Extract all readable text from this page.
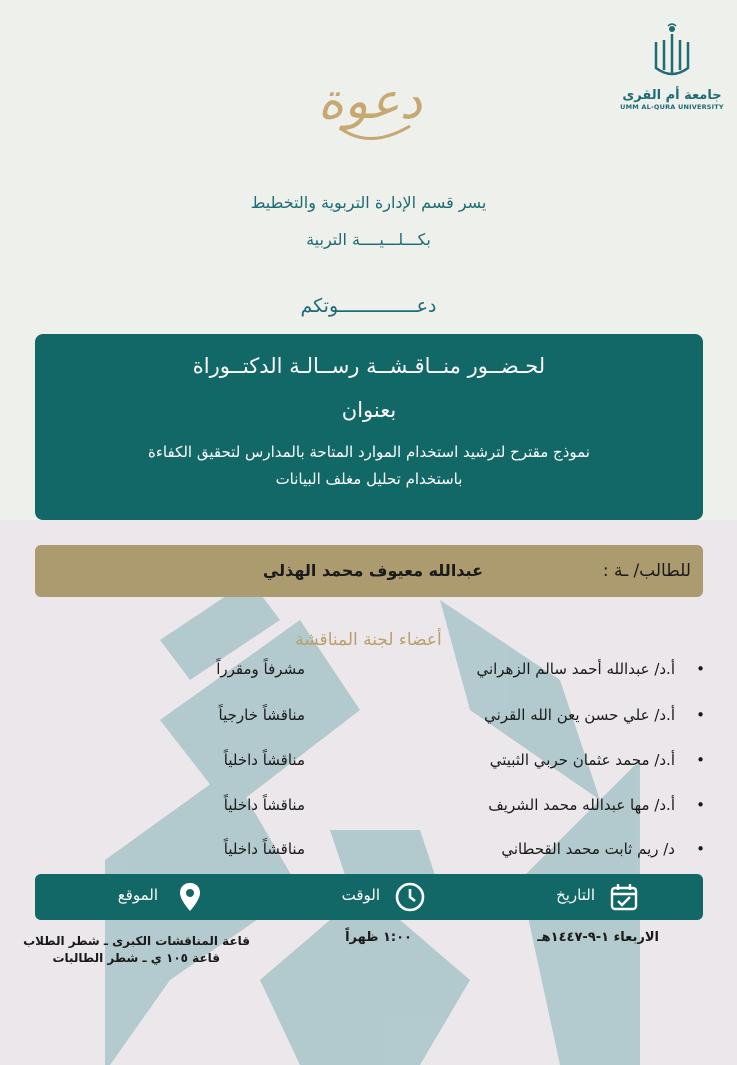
جامعة أم القرى
UMM AL-QURA UNIVERSITY
دعوة
يسر قسم الإدارة التربوية والتخطيط
بكـــلـــيــــة التربية
دعــــــــــــــوتكم
لحـضــور منــاقـشــة رســالـة الدكتــوراة
بعنوان
نموذج مقترح لترشيد استخدام الموارد المتاحة بالمدارس لتحقيق الكفاءة
باستخدام تحليل مغلف البيانات
للطالب/ ـة :
عبدالله معيوف محمد الهذلي
أعضاء لجنة المناقشة
•
أ.د/ عبدالله أحمد سالم الزهراني
مشرفاً ومقرراً
•
أ.د/ علي حسن يعن الله القرني
مناقشاً خارجياً
•
أ.د/ محمد عثمان حربي الثبيتي
مناقشاً داخلياً
•
أ.د/ مها عبدالله محمد الشريف
مناقشاً داخلياً
•
د/ ريم ثابت محمد القحطاني
مناقشاً داخلياً
التاريخ
الوقت
الموقع
الاربعاء ١-٩-١٤٤٧هـ
١:٠٠ ظهراً
قاعة المناقشات الكبرى ـ شطر الطلاب
قاعة ١٠٥ ي ـ شطر الطالبات
